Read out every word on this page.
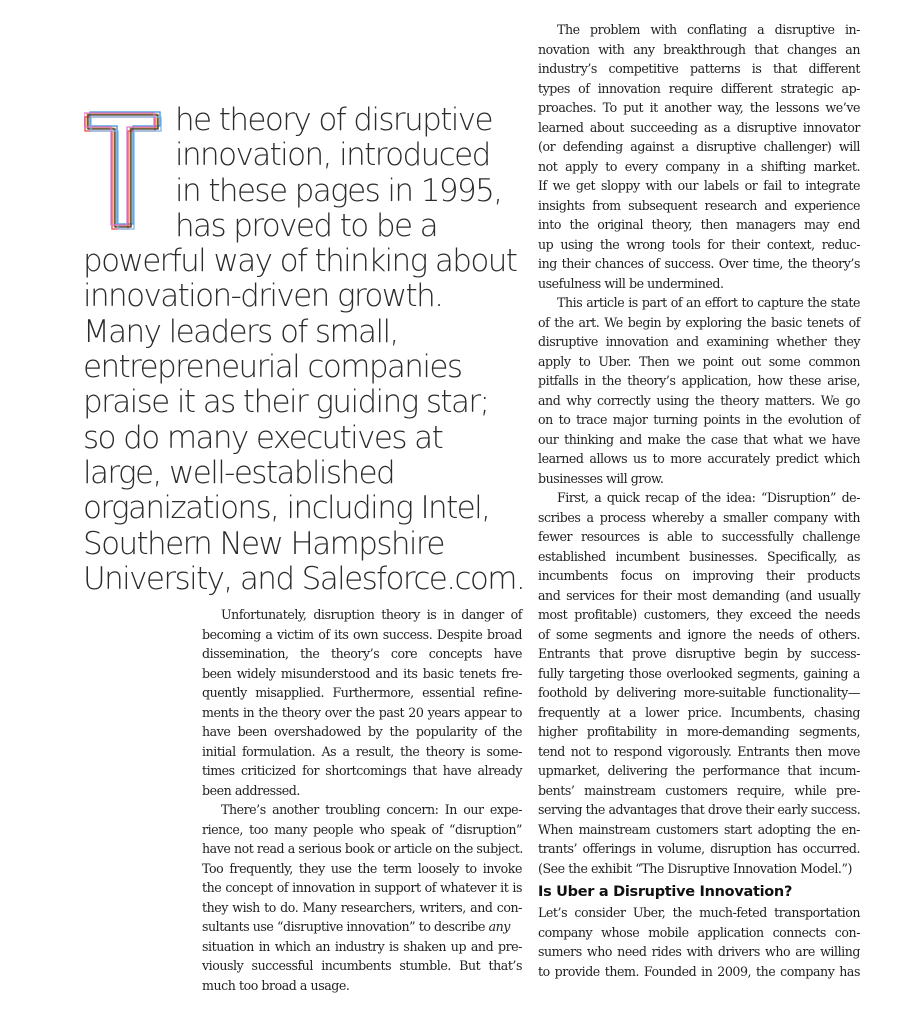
he theory of disruptive
innovation, introduced
in these pages in 1995,
has proved to be a
powerful way of thinking about
innovation-driven growth.
Many leaders of small,
entrepreneurial companies
praise it as their guiding star;
so do many executives at
large, well-established
organizations, including Intel,
Southern New Hampshire
University, and Salesforce.com.
Unfortunately, disruption theory is in danger of
becoming a victim of its own success. Despite broad
dissemination, the theory’s core concepts have
been widely misunderstood and its basic tenets fre-
quently misapplied. Furthermore, essential refine-
ments in the theory over the past 20 years appear to
have been overshadowed by the popularity of the
initial formulation. As a result, the theory is some-
times criticized for shortcomings that have already
been addressed.
There’s another troubling concern: In our expe-
rience, too many people who speak of “disruption”
have not read a serious book or article on the subject.
Too frequently, they use the term loosely to invoke
the concept of innovation in support of whatever it is
they wish to do. Many researchers, writers, and con-
sultants use “disruptive innovation” to describe any
situation in which an industry is shaken up and pre-
viously successful incumbents stumble. But that’s
much too broad a usage.
The problem with conflating a disruptive in-
novation with any breakthrough that changes an
industry’s competitive patterns is that different
types of innovation require different strategic ap-
proaches. To put it another way, the lessons we’ve
learned about succeeding as a disruptive innovator
(or defending against a disruptive challenger) will
not apply to every company in a shifting market.
If we get sloppy with our labels or fail to integrate
insights from subsequent research and experience
into the original theory, then managers may end
up using the wrong tools for their context, reduc-
ing their chances of success. Over time, the theory’s
usefulness will be undermined.
This article is part of an effort to capture the state
of the art. We begin by exploring the basic tenets of
disruptive innovation and examining whether they
apply to Uber. Then we point out some common
pitfalls in the theory’s application, how these arise,
and why correctly using the theory matters. We go
on to trace major turning points in the evolution of
our thinking and make the case that what we have
learned allows us to more accurately predict which
businesses will grow.
First, a quick recap of the idea: “Disruption” de-
scribes a process whereby a smaller company with
fewer resources is able to successfully challenge
established incumbent businesses. Specifically, as
incumbents focus on improving their products
and services for their most demanding (and usually
most profitable) customers, they exceed the needs
of some segments and ignore the needs of others.
Entrants that prove disruptive begin by success-
fully targeting those overlooked segments, gaining a
foothold by delivering more-suitable functionality—
frequently at a lower price. Incumbents, chasing
higher profitability in more-demanding segments,
tend not to respond vigorously. Entrants then move
upmarket, delivering the performance that incum-
bents’ mainstream customers require, while pre-
serving the advantages that drove their early success.
When mainstream customers start adopting the en-
trants’ offerings in volume, disruption has occurred.
(See the exhibit “The Disruptive Innovation Model.”)
Is Uber a Disruptive Innovation?
Let’s consider Uber, the much-feted transportation
company whose mobile application connects con-
sumers who need rides with drivers who are willing
to provide them. Founded in 2009, the company has
